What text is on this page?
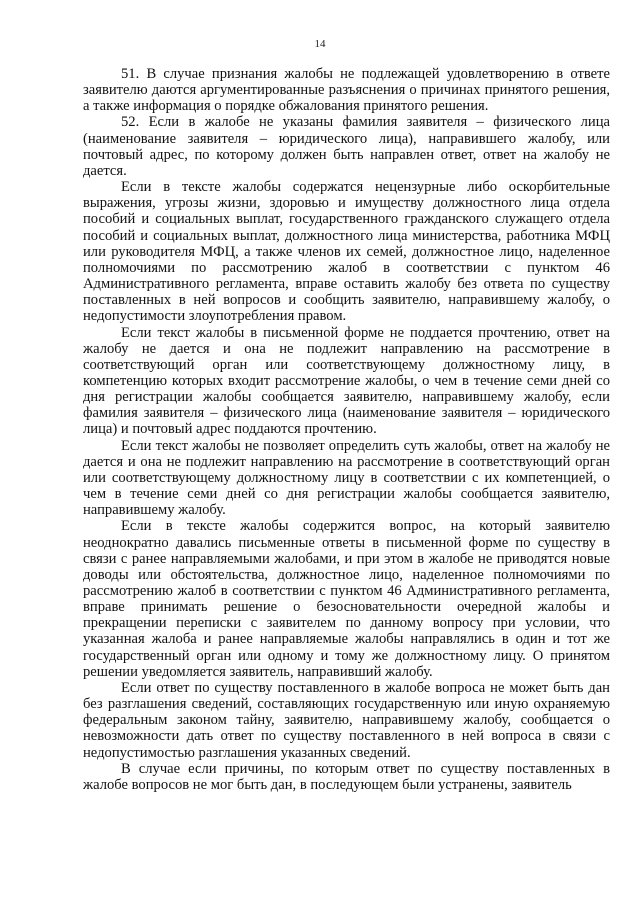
14

51. В случае признания жалобы не подлежащей удовлетворению в ответе заявителю даются аргументированные разъяснения о причинах принятого решения, а также информация о порядке обжалования принятого решения.

52. Если в жалобе не указаны фамилия заявителя – физического лица (наименование заявителя – юридического лица), направившего жалобу, или почтовый адрес, по которому должен быть направлен ответ, ответ на жалобу не дается.

Если в тексте жалобы содержатся нецензурные либо оскорбительные выражения, угрозы жизни, здоровью и имуществу должностного лица отдела пособий и социальных выплат, государственного гражданского служащего отдела пособий и социальных выплат, должностного лица министерства, работника МФЦ или руководителя МФЦ, а также членов их семей, должностное лицо, наделенное полномочиями по рассмотрению жалоб в соответствии с пунктом 46 Административного регламента, вправе оставить жалобу без ответа по существу поставленных в ней вопросов и сообщить заявителю, направившему жалобу, о недопустимости злоупотребления правом.

Если текст жалобы в письменной форме не поддается прочтению, ответ на жалобу не дается и она не подлежит направлению на рассмотрение в соответствующий орган или соответствующему должностному лицу, в компетенцию которых входит рассмотрение жалобы, о чем в течение семи дней со дня регистрации жалобы сообщается заявителю, направившему жалобу, если фамилия заявителя – физического лица (наименование заявителя – юридического лица) и почтовый адрес поддаются прочтению.

Если текст жалобы не позволяет определить суть жалобы, ответ на жалобу не дается и она не подлежит направлению на рассмотрение в соответствующий орган или соответствующему должностному лицу в соответствии с их компетенцией, о чем в течение семи дней со дня регистрации жалобы сообщается заявителю, направившему жалобу.

Если в тексте жалобы содержится вопрос, на который заявителю неоднократно давались письменные ответы в письменной форме по существу в связи с ранее направляемыми жалобами, и при этом в жалобе не приводятся новые доводы или обстоятельства, должностное лицо, наделенное полномочиями по рассмотрению жалоб в соответствии с пунктом 46 Административного регламента, вправе принимать решение о безосновательности очередной жалобы и прекращении переписки с заявителем по данному вопросу при условии, что указанная жалоба и ранее направляемые жалобы направлялись в один и тот же государственный орган или одному и тому же должностному лицу. О принятом решении уведомляется заявитель, направивший жалобу.

Если ответ по существу поставленного в жалобе вопроса не может быть дан без разглашения сведений, составляющих государственную или иную охраняемую федеральным законом тайну, заявителю, направившему жалобу, сообщается о невозможности дать ответ по существу поставленного в ней вопроса в связи с недопустимостью разглашения указанных сведений.

В случае если причины, по которым ответ по существу поставленных в жалобе вопросов не мог быть дан, в последующем были устранены, заявитель
